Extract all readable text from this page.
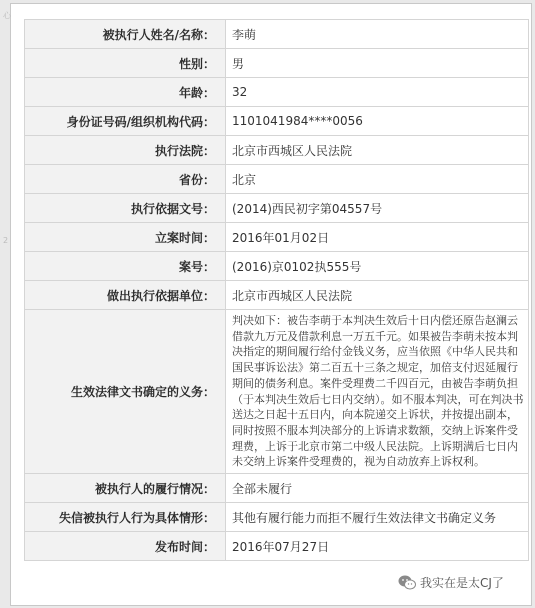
心
2
被执行人姓名/名称：	李萌
性别：	男
年龄：	32
身份证号码/组织机构代码：	1101041984****0056
执行法院：	北京市西城区人民法院
省份：	北京
执行依据文号：	(2014)西民初字第04557号
立案时间：	2016年01月02日
案号：	(2016)京0102执555号
做出执行依据单位：	北京市西城区人民法院
生效法律文书确定的义务：	判决如下：被告李萌于本判决生效后十日内偿还原告赵澜云借款九万元及借款利息一万五千元。如果被告李萌未按本判决指定的期间履行给付金钱义务，应当依照《中华人民共和国民事诉讼法》第二百五十三条之规定，加倍支付迟延履行期间的债务利息。案件受理费二千四百元，由被告李萌负担（于本判决生效后七日内交纳）。如不服本判决，可在判决书送达之日起十五日内，向本院递交上诉状，并按提出副本，同时按照不服本判决部分的上诉请求数额，交纳上诉案件受理费，上诉于北京市第二中级人民法院。上诉期满后七日内未交纳上诉案件受理费的，视为自动放弃上诉权利。
被执行人的履行情况：	全部未履行
失信被执行人行为具体情形：	其他有履行能力而拒不履行生效法律文书确定义务
发布时间：	2016年07月27日
我实在是太CJ了
